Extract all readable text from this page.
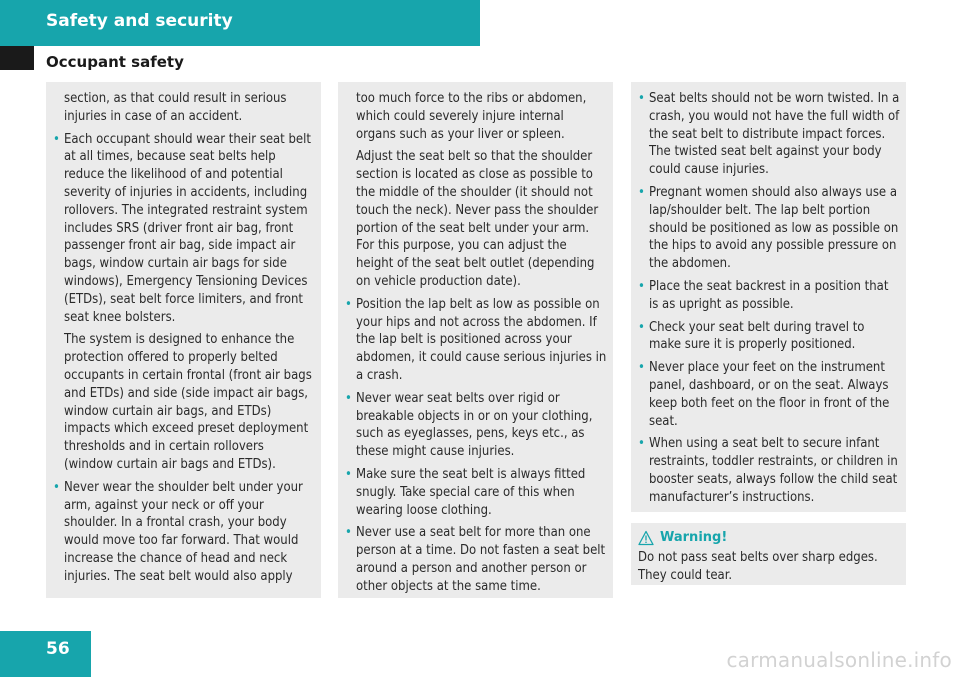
Safety and security
Occupant safety
section, as that could result in serious injuries in case of an accident.
• Each occupant should wear their seat belt at all times, because seat belts help reduce the likelihood of and potential severity of injuries in accidents, including rollovers. The integrated restraint system includes SRS (driver front air bag, front passenger front air bag, side impact air bags, window curtain air bags for side windows), Emergency Tensioning Devices (ETDs), seat belt force limiters, and front seat knee bolsters.
The system is designed to enhance the protection offered to properly belted occupants in certain frontal (front air bags and ETDs) and side (side impact air bags, window curtain air bags, and ETDs) impacts which exceed preset deployment thresholds and in certain rollovers (window curtain air bags and ETDs).
• Never wear the shoulder belt under your arm, against your neck or off your shoulder. In a frontal crash, your body would move too far forward. That would increase the chance of head and neck injuries. The seat belt would also apply
too much force to the ribs or abdomen, which could severely injure internal organs such as your liver or spleen.
Adjust the seat belt so that the shoulder section is located as close as possible to the middle of the shoulder (it should not touch the neck). Never pass the shoulder portion of the seat belt under your arm. For this purpose, you can adjust the height of the seat belt outlet (depending on vehicle production date).
• Position the lap belt as low as possible on your hips and not across the abdomen. If the lap belt is positioned across your abdomen, it could cause serious injuries in a crash.
• Never wear seat belts over rigid or breakable objects in or on your clothing, such as eyeglasses, pens, keys etc., as these might cause injuries.
• Make sure the seat belt is always fitted snugly. Take special care of this when wearing loose clothing.
• Never use a seat belt for more than one person at a time. Do not fasten a seat belt around a person and another person or other objects at the same time.
• Seat belts should not be worn twisted. In a crash, you would not have the full width of the seat belt to distribute impact forces. The twisted seat belt against your body could cause injuries.
• Pregnant women should also always use a lap/shoulder belt. The lap belt portion should be positioned as low as possible on the hips to avoid any possible pressure on the abdomen.
• Place the seat backrest in a position that is as upright as possible.
• Check your seat belt during travel to make sure it is properly positioned.
• Never place your feet on the instrument panel, dashboard, or on the seat. Always keep both feet on the floor in front of the seat.
• When using a seat belt to secure infant restraints, toddler restraints, or children in booster seats, always follow the child seat manufacturer’s instructions.
Warning!
Do not pass seat belts over sharp edges. They could tear.
56	carmanualsonline.info
